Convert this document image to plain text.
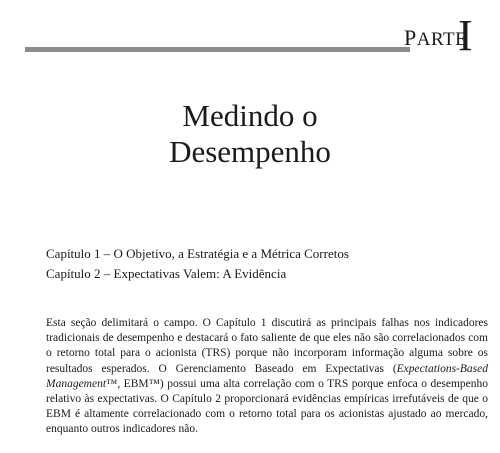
PARTE
I
Medindo o
Desempenho
Capítulo 1 – O Objetivo, a Estratégia e a Métrica Corretos
Capítulo 2 – Expectativas Valem: A Evidência

Esta seção delimitará o campo. O Capítulo 1 discutirá as principais falhas nos indicadores tradicionais de desempenho e destacará o fato saliente de que eles não são correlacionados com o retorno total para o acionista (TRS) porque não incorporam informação alguma sobre os resultados esperados. O Gerenciamento Baseado em Expectativas (Expectations-Based Management™, EBM™) possui uma alta correlação com o TRS porque enfoca o desempenho relativo às expectativas. O Capítulo 2 proporcionará evidências empíricas irrefutáveis de que o EBM é altamente correlacionado com o retorno total para os acionistas ajustado ao mercado, enquanto outros indicadores não.
